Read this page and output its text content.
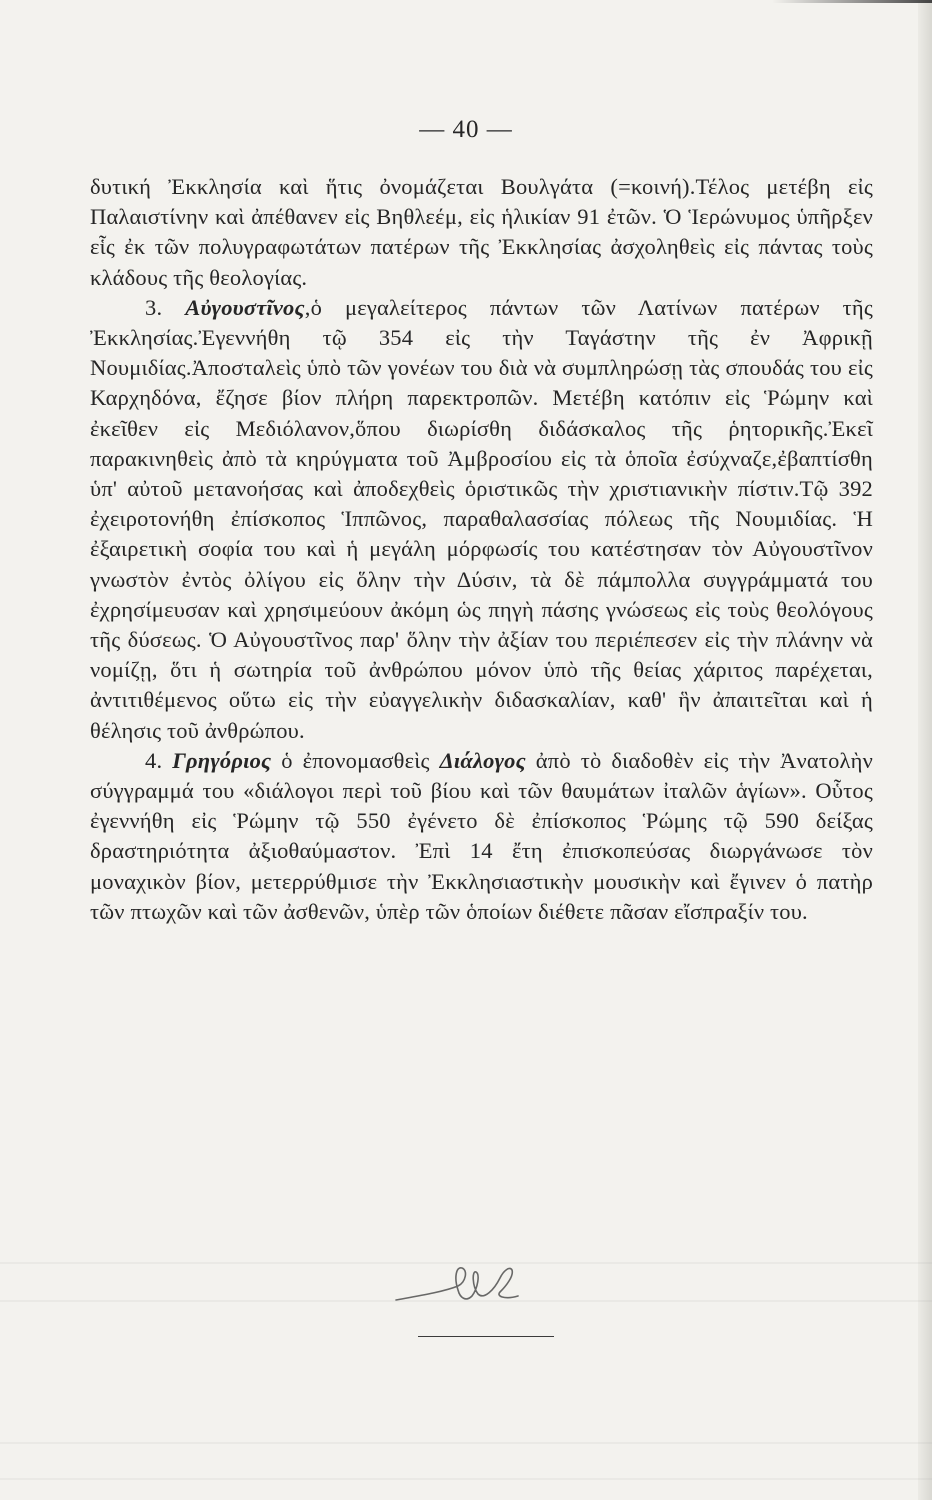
— 40 —

δυτική Ἐκκλησία καὶ ἥτις ὀνομάζεται Βουλγάτα (=κοινή).Τέλος μετέβη εἰς Παλαιστίνην καὶ ἀπέθανεν εἰς Βηθλεέμ, εἰς ἡλικίαν 91 ἐτῶν. Ὁ Ἱερώνυμος ὑπῆρξεν εἷς ἐκ τῶν πολυγραφωτάτων πατέρων τῆς Ἐκκλησίας ἀσχοληθεὶς εἰς πάντας τοὺς κλάδους τῆς θεολογίας.

3. Αὐγουστῖνος,ὁ μεγαλείτερος πάντων τῶν Λατίνων πατέρων τῆς Ἐκκλησίας.Ἐγεννήθη τῷ 354 εἰς τὴν Ταγάστην τῆς ἐν Ἀφρικῇ Νουμιδίας.Ἀποσταλεὶς ὑπὸ τῶν γονέων του διὰ νὰ συμπληρώσῃ τὰς σπουδάς του εἰς Καρχηδόνα, ἔζησε βίον πλήρη παρεκτροπῶν. Μετέβη κατόπιν εἰς Ῥώμην καὶ ἐκεῖθεν εἰς Μεδιόλανον,ὅπου διωρίσθη διδάσκαλος τῆς ῥητορικῆς.Ἐκεῖ παρακινηθεὶς ἀπὸ τὰ κηρύγματα τοῦ Ἀμβροσίου εἰς τὰ ὁποῖα ἐσύχναζε,ἐβαπτίσθη ὑπ' αὐτοῦ μετανοήσας καὶ ἀποδεχθεὶς ὁριστικῶς τὴν χριστιανικὴν πίστιν.Τῷ 392 ἐχειροτονήθη ἐπίσκοπος Ἱππῶνος, παραθαλασσίας πόλεως τῆς Νουμιδίας. Ἡ ἐξαιρετικὴ σοφία του καὶ ἡ μεγάλη μόρφωσίς του κατέστησαν τὸν Αὐγουστῖνον γνωστὸν ἐντὸς ὀλίγου εἰς ὅλην τὴν Δύσιν, τὰ δὲ πάμπολλα συγγράμματά του ἐχρησίμευσαν καὶ χρησιμεύουν ἀκόμη ὡς πηγὴ πάσης γνώσεως εἰς τοὺς θεολόγους τῆς δύσεως. Ὁ Αὐγουστῖνος παρ' ὅλην τὴν ἀξίαν του περιέπεσεν εἰς τὴν πλάνην νὰ νομίζῃ, ὅτι ἡ σωτηρία τοῦ ἀνθρώπου μόνον ὑπὸ τῆς θείας χάριτος παρέχεται, ἀντιτιθέμενος οὕτω εἰς τὴν εὐαγγελικὴν διδασκαλίαν, καθ' ἣν ἀπαιτεῖται καὶ ἡ θέλησις τοῦ ἀνθρώπου.

4. Γρηγόριος ὁ ἐπονομασθεὶς Διάλογος ἀπὸ τὸ διαδοθὲν εἰς τὴν Ἀνατολὴν σύγγραμμά του «διάλογοι περὶ τοῦ βίου καὶ τῶν θαυμάτων ἰταλῶν ἁγίων». Οὗτος ἐγεννήθη εἰς Ῥώμην τῷ 550 ἐγένετο δὲ ἐπίσκοπος Ῥώμης τῷ 590 δείξας δραστηριότητα ἀξιοθαύμαστον. Ἐπὶ 14 ἔτη ἐπισκοπεύσας διωργάνωσε τὸν μοναχικὸν βίον, μετερρύθμισε τὴν Ἐκκλησιαστικὴν μουσικὴν καὶ ἔγινεν ὁ πατὴρ τῶν πτωχῶν καὶ τῶν ἀσθενῶν, ὑπὲρ τῶν ὁποίων διέθετε πᾶσαν εἴσπραξίν του.
